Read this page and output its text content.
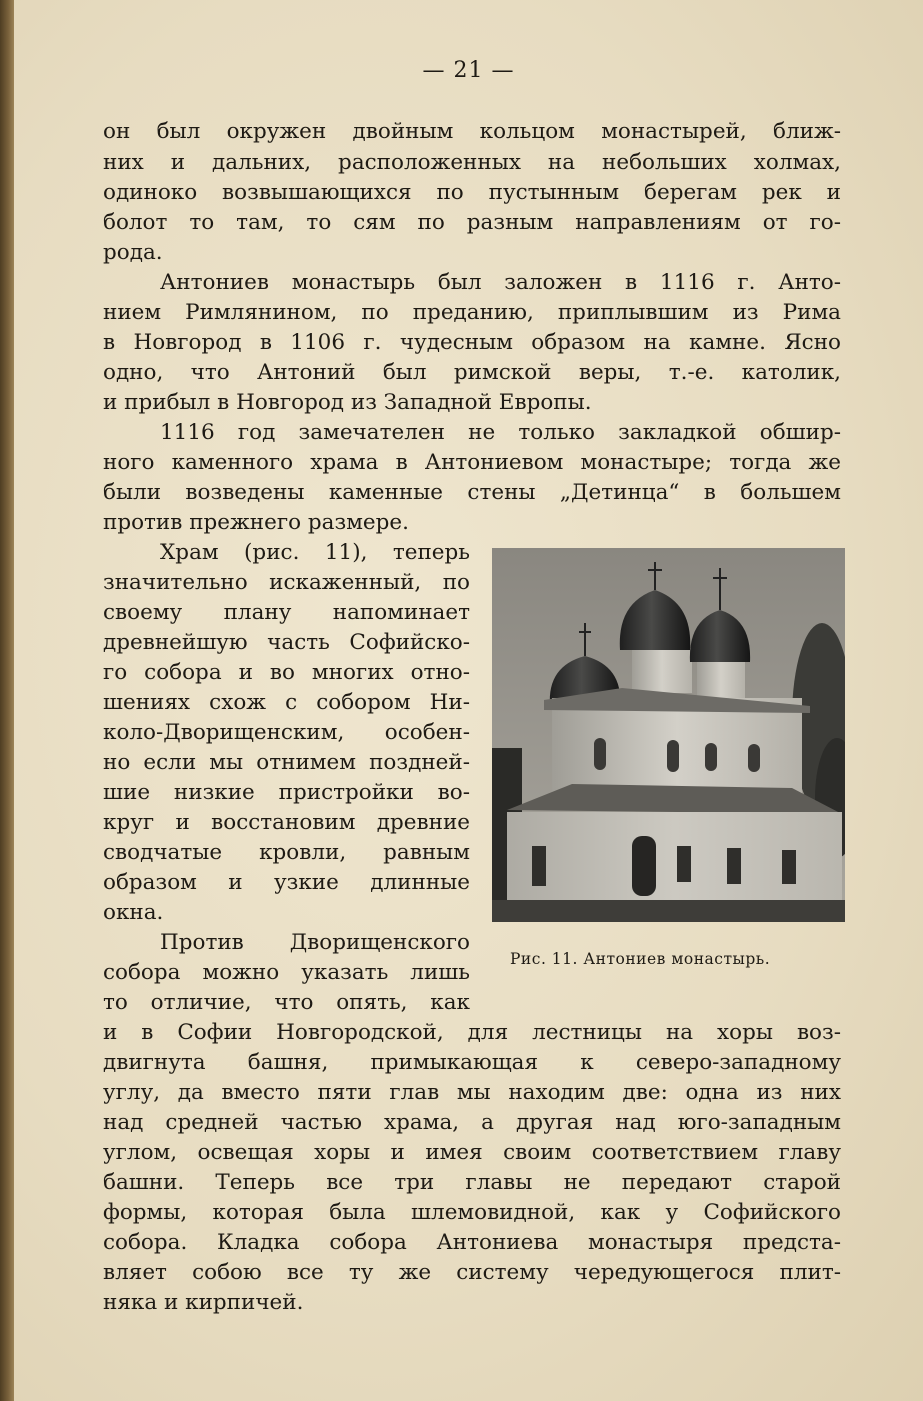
— 21 —
он был окружен двойным кольцом монастырей, ближ-
них и дальних, расположенных на небольших холмах,
одиноко возвышающихся по пустынным берегам рек и
болот то там, то сям по разным направлениям от го-
рода.
Антониев монастырь был заложен в 1116 г. Анто-
нием Римлянином, по преданию, приплывшим из Рима
в Новгород в 1106 г. чудесным образом на камне. Ясно
одно, что Антоний был римской веры, т.-е. католик,
и прибыл в Новгород из Западной Европы.
1116 год замечателен не только закладкой обшир-
ного каменного храма в Антониевом монастыре; тогда же
были возведены каменные стены „Детинца“ в большем
против прежнего размере.
Храм (рис. 11), теперь
значительно искаженный, по
своему плану напоминает
древнейшую часть Софийско-
го собора и во многих отно-
шениях схож с собором Ни-
коло-Дворищенским, особен-
но если мы отнимем поздней-
шие низкие пристройки во-
круг и восстановим древние
сводчатые кровли, равным
образом и узкие длинные
окна.
Против Дворищенского
собора можно указать лишь
то отличие, что опять, как
и в Софии Новгородской, для лестницы на хоры воз-
двигнута башня, примыкающая к северо-западному
углу, да вместо пяти глав мы находим две: одна из них
над средней частью храма, а другая над юго-западным
углом, освещая хоры и имея своим соответствием главу
башни. Теперь все три главы не передают старой
формы, которая была шлемовидной, как у Софийского
собора. Кладка собора Антониева монастыря предста-
вляет собою все ту же систему чередующегося плит-
няка и кирпичей.
Рис. 11. Антониев монастырь.
